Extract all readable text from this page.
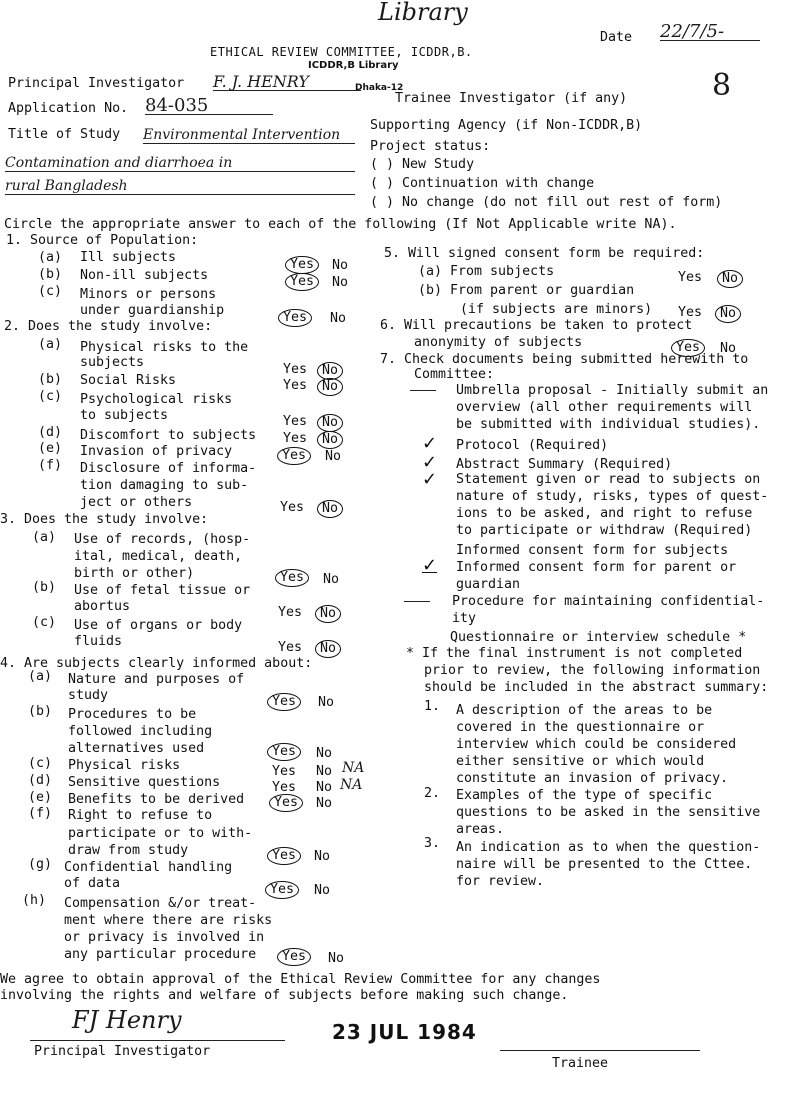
Library
Date 22/7/5-
ETHICAL REVIEW COMMITTEE, ICDDR,B.
ICDDR,B Library
Dhaka-12
Principal Investigator F. J. HENRY
Trainee Investigator (if any)	8
Application No. 84-035
Supporting Agency (if Non-ICDDR,B)
Title of Study Environmental Intervention
Contamination and diarrhoea in
rural Bangladesh
Project status:
( ) New Study
( ) Continuation with change
( ) No change (do not fill out rest of form)
Circle the appropriate answer to each of the following (If Not Applicable write NA).
1. Source of Population:
(a) Ill subjects	Yes	No
(b) Non-ill subjects	Yes	No
(c) Minors or persons
under guardianship	Yes	No
2. Does the study involve:
(a) Physical risks to the
subjects	Yes	No
(b) Social Risks	Yes	No
(c) Psychological risks
to subjects	Yes	No
(d) Discomfort to subjects Yes	No
(e) Invasion of privacy	Yes	No
(f) Disclosure of informa-
tion damaging to sub-
ject or others	Yes	No
3. Does the study involve:
(a) Use of records, (hosp-
ital, medical, death,
birth or other)	Yes	No
(b) Use of fetal tissue or
abortus	Yes	No
(c) Use of organs or body
fluids	Yes	No
4. Are subjects clearly informed about:
(a) Nature and purposes of
study	Yes	No
(b) Procedures to be
followed including
alternatives used	Yes	No
(c) Physical risks	Yes No NA
(d) Sensitive questions	Yes No NA
(e) Benefits to be derived	Yes	No
(f) Right to refuse to
participate or to with-
draw from study	Yes	No
(g) Confidential handling
of data	Yes	No
(h) Compensation &/or treat-
ment where there are risks
or privacy is involved in
any particular procedure	Yes	No
5. Will signed consent form be required:
(a) From subjects	Yes	No
(b) From parent or guardian
(if subjects are minors) Yes	No
6. Will precautions be taken to protect
anonymity of subjects	Yes	No
7. Check documents being submitted herewith to
Committee:
Umbrella proposal - Initially submit an
overview (all other requirements will
be submitted with individual studies).
✓ Protocol (Required)
✓ Abstract Summary (Required)
✓ Statement given or read to subjects on
nature of study, risks, types of quest-
ions to be asked, and right to refuse
to participate or withdraw (Required)
Informed consent form for subjects
✓ Informed consent form for parent or
guardian
Procedure for maintaining confidential-
ity
Questionnaire or interview schedule *
* If the final instrument is not completed
prior to review, the following information
should be included in the abstract summary:
1. A description of the areas to be
covered in the questionnaire or
interview which could be considered
either sensitive or which would
constitute an invasion of privacy.
2. Examples of the type of specific
questions to be asked in the sensitive
areas.
3. An indication as to when the question-
naire will be presented to the Cttee.
for review.
We agree to obtain approval of the Ethical Review Committee for any changes
involving the rights and welfare of subjects before making such change.
FJ Henry	23 JUL 1984
Principal Investigator
Trainee
